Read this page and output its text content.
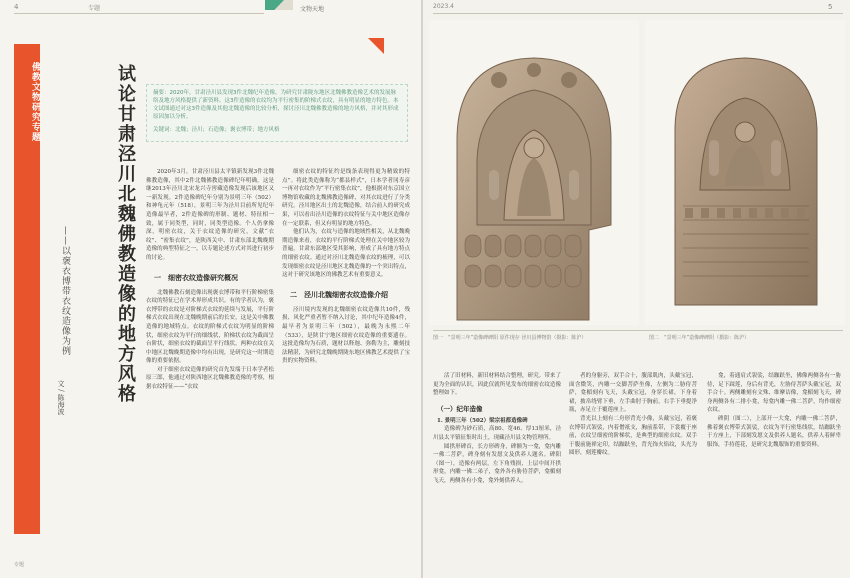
4	专题	文物天地
佛教文物研究专题	试论甘肃泾川北魏佛教造像的地方风格
——以褒衣博带衣纹造像为例
文 / 陈海波

摘要：2020年，甘肃泾川县发现3件北魏纪年造像，为研究甘肃陇东地区北魏佛教造像艺术的发展脉络及地方风格提供了新资料。这3件造像的衣纹均为平行密集的阶梯式衣纹，具有明显的地方特色。本文试图通过对这3件造像及其他北魏造像的比较分析，探讨泾川北魏佛教造像的地方风格，并对其形成原因加以分析。

关键词：北魏；泾川；石造像；褒衣博带；地方风格

2020年3月，甘肃泾川县太平镇新发现3件北魏佛教造像，其中2件北魏佛教造像碑纪年明确，这是继2013年泾川北宋龙兴寺窖藏造像发现后该地区又一新发现。2件造像碑纪年分别为景明三年（502）和神龟元年（518），景明三年为泾川目前所见纪年造像最早者，2件造像碑的形制、题材、特征相一致，属于同类型，同时，同类型造像。个人仍拿像深，明密衣纹，关于衣纹造像的研究，文献“衣纹”、“密集衣纹”，是陕西关中、甘肃东部北魏晚期造像的典型特征之一，以专题论述方式对其进行初步的讨论。

一　细密衣纹造像研究概况

北魏佛教石刻造像出现褒衣博带和平行阶梯密集衣纹的特征已在学术界形成共识。有的学者认为，褒衣博带的衣纹是对阶梯式衣纹的延续与发展，平行阶梯式衣纹出现在北魏晚期前后的长安，这是关中佛教造像的地域特点。衣纹的阶梯式衣纹为明显的阶梯状，细密衣纹为平行的细线状，阶梯状衣纹为截面呈台阶状，细密衣纹的截面呈平行线状。两种衣纹在关中地区北魏晚期造像中均有出现，是研究这一时期造像的重要依据。

对于细密衣纹造像的研究首先发端于日本学者松原三郎，他通过对陕西地区北魏佛教造像的考察，根据衣纹特征——“衣纹

细密衣纹的特征约是线条表现得更为精致的特点”。将此类造像称为“都县样式”，日本学者冈寿彦一再对衣纹作为“平行密集衣纹”，他根据对东京国立博物馆收藏的北魏佛教造像碑，对其衣纹进行了分类研究。泾川地区出土的北魏造像，结合前人的研究成果，可以看出泾川造像的衣纹特征与关中地区造像存在一定联系，但又有明显的地方特色。

他们认为，衣纹与造像的地域性相关，从北魏晚期造像来看，衣纹的平行阶梯式处理在关中地区较为普遍，甘肃东部地区受其影响，形成了具有地方特点的细密衣纹。通过对泾川北魏造像衣纹的梳理，可以发现细密衣纹是泾川地区北魏造像的一个突出特点，这对于研究该地区的佛教艺术有重要意义。

二　泾川北魏细密衣纹造像介绍

泾川境内发现的北魏细密衣纹造像共10件，残损、风化严重者暂不纳入讨论，其中纪年造像4件，最早者为景明三年（502），最晚为永熙二年（533），是陕甘宁地区细密衣纹造像的重要遗存。这批造像均为石质，题材以释迦、弥勒为主，雕刻技法精湛，为研究北魏晚期陇东地区佛教艺术提供了宝贵的实物资料。

专题
2023.4	5
图一　“景明三年”造像碑碑阳 原件现存 泾川县博物馆（摄影：陈沪）	图二　“景明三年”造像碑碑阴（摄影：陈沪）

活了旧材料，新旧材料结合整理，研究。带来了更为全面的认识，因此仅就所见发布的细密衣纹造像整理如下。

（一）纪年造像

1. 景明三年（502）梁宗祖都造像碑

造像碑为砂石质，高80、宽46、厚13厘米，泾川县太平镇征集时出土，现藏泾川县文物管理所。

圆拱形碑首，长方形碑身，碑额为一龛，龛内雕一佛二菩萨，碑身刻有发愿文及供养人题名。碑阳（图一），造像有两层，左下角残损，上层中间开拱形龛，内雕一佛二弟子，龛外各有胁侍菩萨，龛楣刻飞天，两侧各有小龛，龛外刻供养人。

者的身躯旁，双手合十，腹部肌肉，头戴宝冠，面含微笑，内雕一交脚菩萨坐像，左侧为二胁侍菩萨，龛楣刻有飞天，头戴宝冠，身穿长裙，下身着裙，披帛绕臂下垂，左手曲肘于胸前，右手下垂提净瓶，赤足立于覆莲座上。

背光以上刻有二舟形背光小像，头戴宝冠，着褒衣博带式袈裟，内着僧祇支，胸前系带，下裳覆于座前，衣纹呈细密的阶梯状，是典型的细密衣纹。双手于腹前施禅定印，结跏趺坐，背光饰火焰纹，头光为圆形，刻莲瓣纹。

龛，着通肩式袈裟，结跏趺坐，佛像两侧各有一胁侍，足下踩莲，身后有背光，左胁侍菩萨头戴宝冠，双手合十。两侧雕刻有文殊、维摩诘像，龛楣刻飞天，碑身两侧各有二排小龛，每龛内雕一佛二菩萨，均作细密衣纹。

碑阴（图二），上部开一大龛，内雕一佛二菩萨，佛着褒衣博带式袈裟，衣纹为平行密集线状，结跏趺坐于方座上，下部刻发愿文及供养人题名，供养人着鲜卑服饰，手持莲花，是研究北魏服饰的重要资料。
